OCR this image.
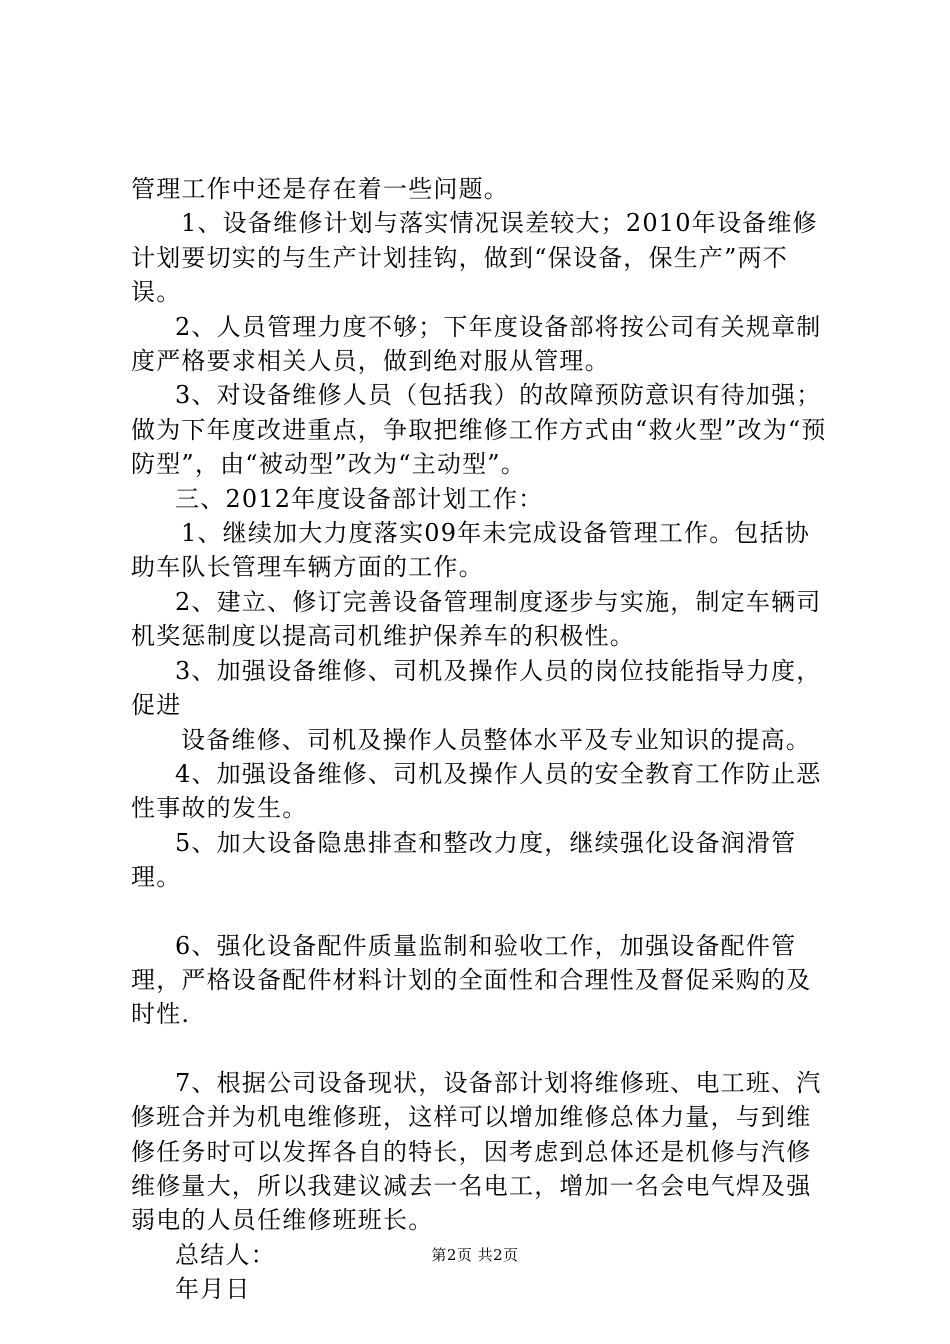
管理工作中还是存在着一些问题。

1、设备维修计划与落实情况误差较大；2010年设备维修计划要切实的与生产计划挂钩，做到“保设备，保生产”两不误。

2、人员管理力度不够；下年度设备部将按公司有关规章制度严格要求相关人员，做到绝对服从管理。

3、对设备维修人员（包括我）的故障预防意识有待加强；做为下年度改进重点，争取把维修工作方式由“救火型”改为“预防型”，由“被动型”改为“主动型”。

三、2012年度设备部计划工作：

1、继续加大力度落实09年未完成设备管理工作。包括协助车队长管理车辆方面的工作。

2、建立、修订完善设备管理制度逐步与实施，制定车辆司机奖惩制度以提高司机维护保养车的积极性。

3、加强设备维修、司机及操作人员的岗位技能指导力度，促进

设备维修、司机及操作人员整体水平及专业知识的提高。

4、加强设备维修、司机及操作人员的安全教育工作防止恶性事故的发生。

5、加大设备隐患排查和整改力度，继续强化设备润滑管理。

6、强化设备配件质量监制和验收工作，加强设备配件管理，严格设备配件材料计划的全面性和合理性及督促采购的及时性.

7、根据公司设备现状，设备部计划将维修班、电工班、汽修班合并为机电维修班，这样可以增加维修总体力量，与到维修任务时可以发挥各自的特长，因考虑到总体还是机修与汽修维修量大，所以我建议减去一名电工，增加一名会电气焊及强弱电的人员任维修班班长。

总结人：

年月日

第2页 共2页
